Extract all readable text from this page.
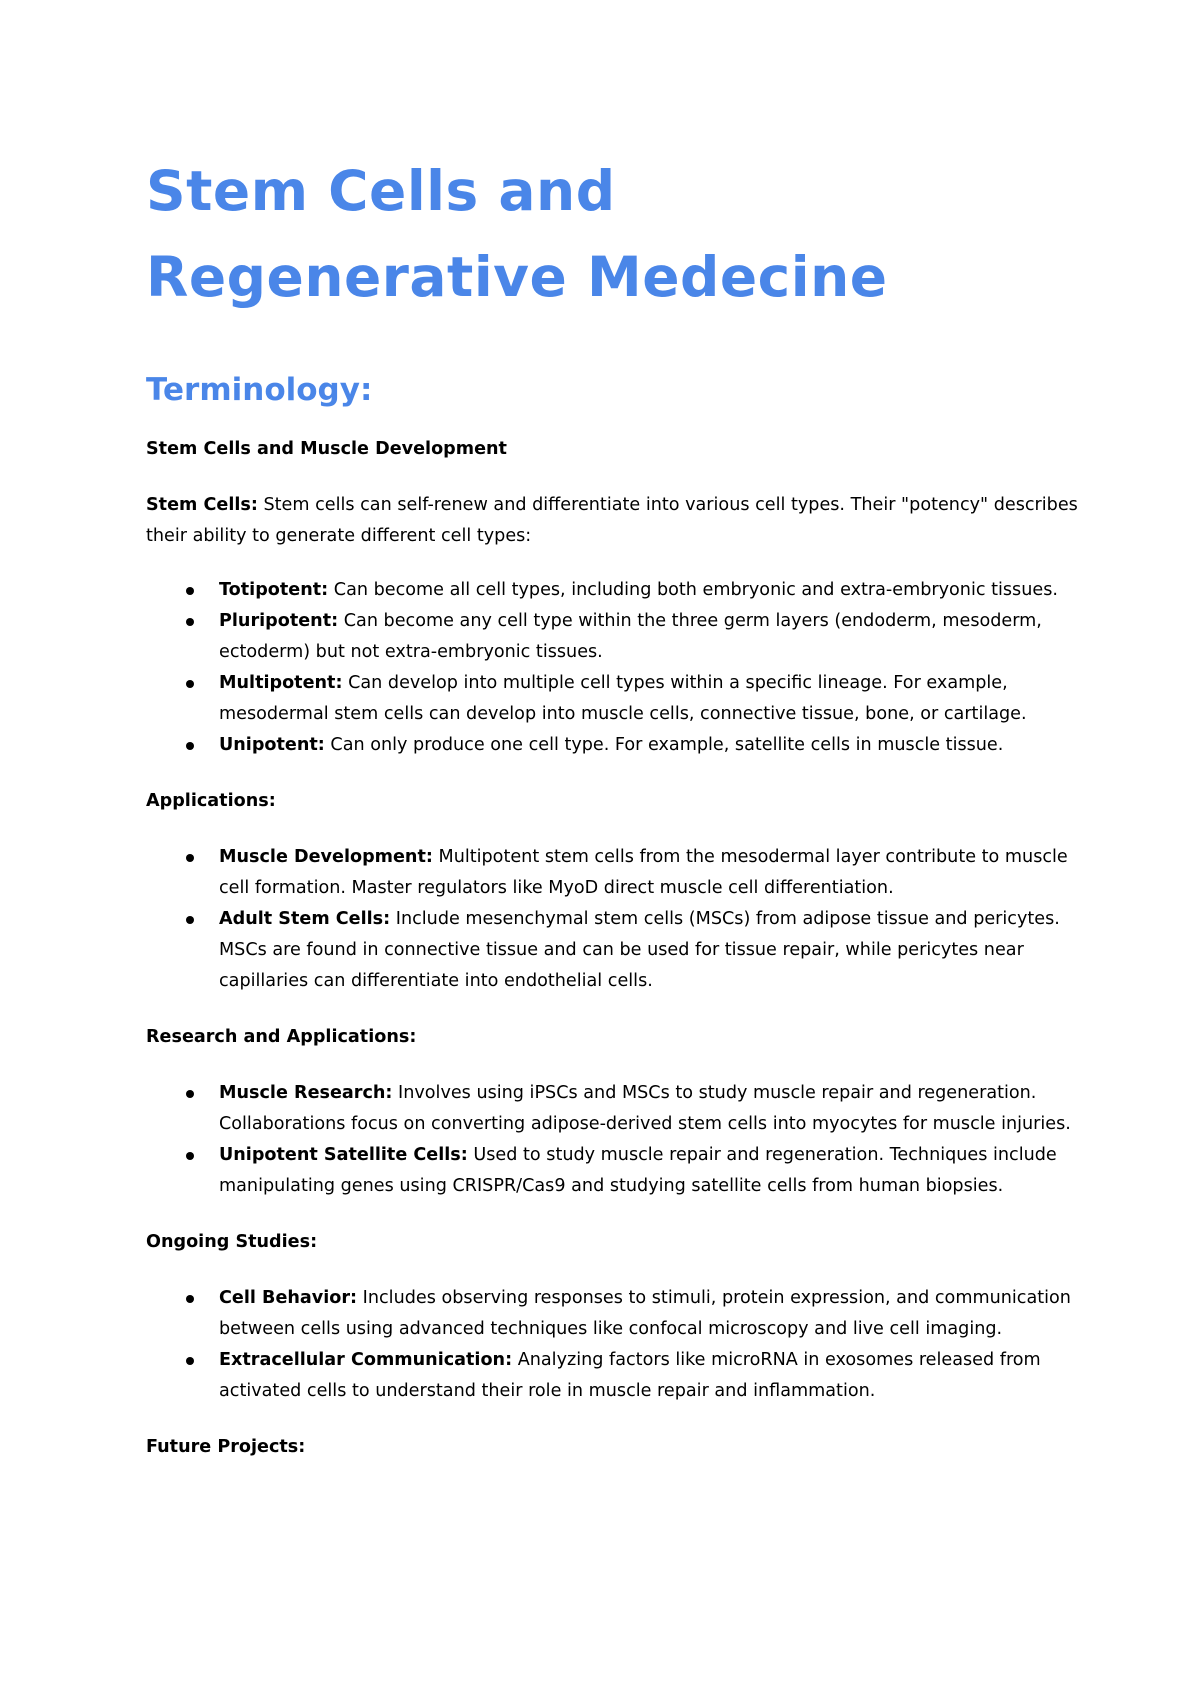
Stem Cells and Regenerative Medecine
Terminology:

Stem Cells and Muscle Development

Stem Cells: Stem cells can self-renew and differentiate into various cell types. Their "potency" describes their ability to generate different cell types:

Totipotent: Can become all cell types, including both embryonic and extra-embryonic tissues.
Pluripotent: Can become any cell type within the three germ layers (endoderm, mesoderm, ectoderm) but not extra-embryonic tissues.
Multipotent: Can develop into multiple cell types within a specific lineage. For example, mesodermal stem cells can develop into muscle cells, connective tissue, bone, or cartilage.
Unipotent: Can only produce one cell type. For example, satellite cells in muscle tissue.

Applications:

Muscle Development: Multipotent stem cells from the mesodermal layer contribute to muscle cell formation. Master regulators like MyoD direct muscle cell differentiation.
Adult Stem Cells: Include mesenchymal stem cells (MSCs) from adipose tissue and pericytes. MSCs are found in connective tissue and can be used for tissue repair, while pericytes near capillaries can differentiate into endothelial cells.

Research and Applications:

Muscle Research: Involves using iPSCs and MSCs to study muscle repair and regeneration. Collaborations focus on converting adipose-derived stem cells into myocytes for muscle injuries.
Unipotent Satellite Cells: Used to study muscle repair and regeneration. Techniques include manipulating genes using CRISPR/Cas9 and studying satellite cells from human biopsies.

Ongoing Studies:

Cell Behavior: Includes observing responses to stimuli, protein expression, and communication between cells using advanced techniques like confocal microscopy and live cell imaging.
Extracellular Communication: Analyzing factors like microRNA in exosomes released from activated cells to understand their role in muscle repair and inflammation.

Future Projects:
